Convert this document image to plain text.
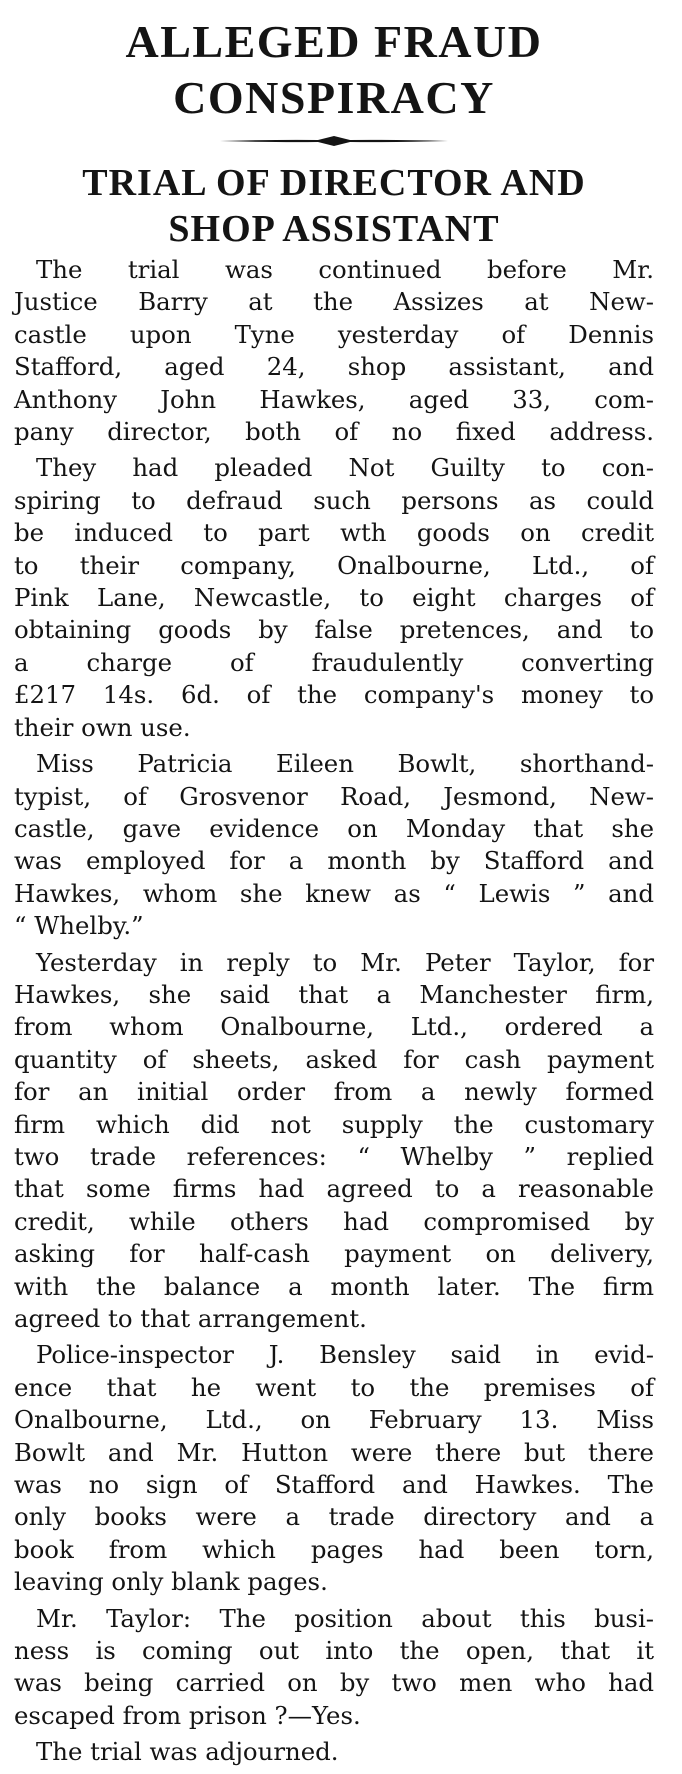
ALLEGED FRAUD
CONSPIRACY
TRIAL OF DIRECTOR AND
SHOP ASSISTANT

The trial was continued before Mr.
Justice Barry at the Assizes at New-
castle upon Tyne yesterday of Dennis
Stafford, aged 24, shop assistant, and
Anthony John Hawkes, aged 33, com-
pany director, both of no fixed address.

They had pleaded Not Guilty to con-
spiring to defraud such persons as could
be induced to part wth goods on credit
to their company, Onalbourne, Ltd., of
Pink Lane, Newcastle, to eight charges of
obtaining goods by false pretences, and to
a charge of fraudulently converting
£217 14s. 6d. of the company's money to
their own use.

Miss Patricia Eileen Bowlt, shorthand-
typist, of Grosvenor Road, Jesmond, New-
castle, gave evidence on Monday that she
was employed for a month by Stafford and
Hawkes, whom she knew as “ Lewis ” and
“ Whelby.”

Yesterday in reply to Mr. Peter Taylor, for
Hawkes, she said that a Manchester firm,
from whom Onalbourne, Ltd., ordered a
quantity of sheets, asked for cash payment
for an initial order from a newly formed
firm which did not supply the customary
two trade references: “ Whelby ” replied
that some firms had agreed to a reasonable
credit, while others had compromised by
asking for half-cash payment on delivery,
with the balance a month later. The firm
agreed to that arrangement.

Police-inspector J. Bensley said in evid-
ence that he went to the premises of
Onalbourne, Ltd., on February 13. Miss
Bowlt and Mr. Hutton were there but there
was no sign of Stafford and Hawkes. The
only books were a trade directory and a
book from which pages had been torn,
leaving only blank pages.

Mr. Taylor: The position about this busi-
ness is coming out into the open, that it
was being carried on by two men who had
escaped from prison ?—Yes.

The trial was adjourned.
